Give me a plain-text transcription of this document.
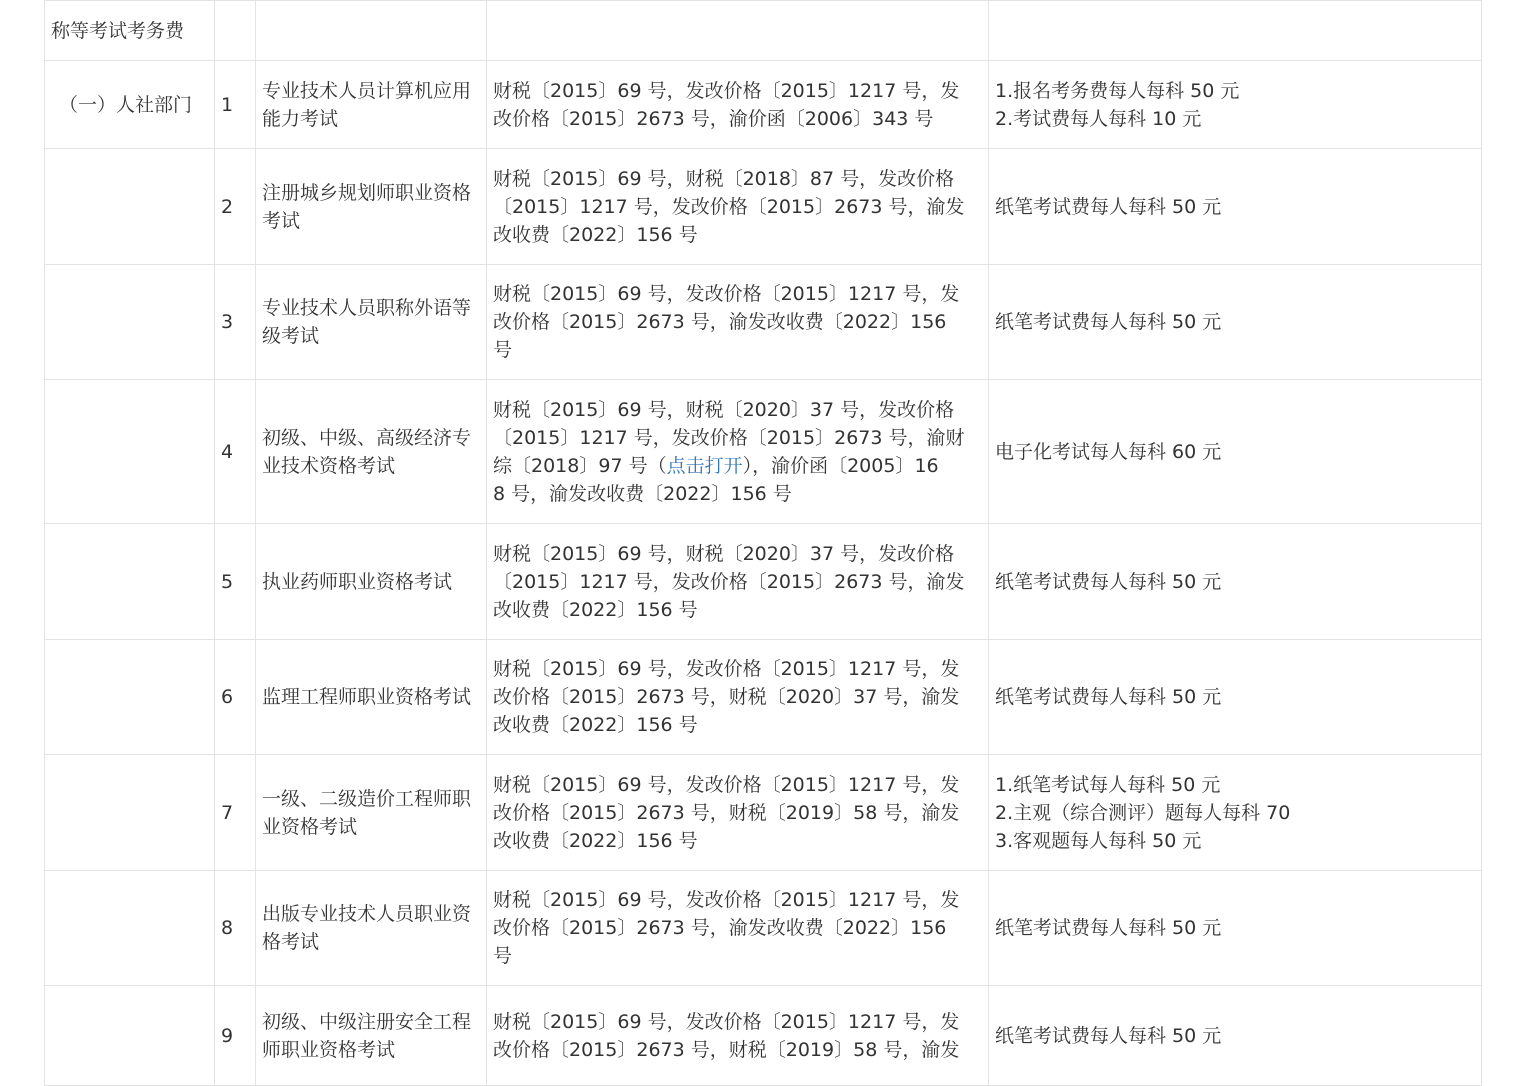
称等考试考务费				
（一）人社部门	1	专业技术人员计算机应用能力考试	财税〔2015〕69 号，发改价格〔2015〕1217 号，发
改价格〔2015〕2673 号，渝价函〔2006〕343 号	1.报名考务费每人每科 50 元
2.考试费每人每科 10 元

	2	注册城乡规划师职业资格考试	财税〔2015〕69 号，财税〔2018〕87 号，发改价格
〔2015〕1217 号，发改价格〔2015〕2673 号，渝发
改收费〔2022〕156 号	纸笔考试费每人每科 50 元

	3	专业技术人员职称外语等级考试	财税〔2015〕69 号，发改价格〔2015〕1217 号，发
改价格〔2015〕2673 号，渝发改收费〔2022〕156
号	纸笔考试费每人每科 50 元

	4	初级、中级、高级经济专业技术资格考试	财税〔2015〕69 号，财税〔2020〕37 号，发改价格
〔2015〕1217 号，发改价格〔2015〕2673 号，渝财
综〔2018〕97 号（点击打开），渝价函〔2005〕16
8 号，渝发改收费〔2022〕156 号	电子化考试每人每科 60 元

	5	执业药师职业资格考试	财税〔2015〕69 号，财税〔2020〕37 号，发改价格
〔2015〕1217 号，发改价格〔2015〕2673 号，渝发
改收费〔2022〕156 号	纸笔考试费每人每科 50 元

	6	监理工程师职业资格考试	财税〔2015〕69 号，发改价格〔2015〕1217 号，发
改价格〔2015〕2673 号，财税〔2020〕37 号，渝发
改收费〔2022〕156 号	纸笔考试费每人每科 50 元

	7	一级、二级造价工程师职业资格考试	财税〔2015〕69 号，发改价格〔2015〕1217 号，发
改价格〔2015〕2673 号，财税〔2019〕58 号，渝发
改收费〔2022〕156 号	1.纸笔考试每人每科 50 元
2.主观（综合测评）题每人每科 70
3.客观题每人每科 50 元

	8	出版专业技术人员职业资格考试	财税〔2015〕69 号，发改价格〔2015〕1217 号，发
改价格〔2015〕2673 号，渝发改收费〔2022〕156
号	纸笔考试费每人每科 50 元

	9	初级、中级注册安全工程师职业资格考试	财税〔2015〕69 号，发改价格〔2015〕1217 号，发
改价格〔2015〕2673 号，财税〔2019〕58 号，渝发	纸笔考试费每人每科 50 元
